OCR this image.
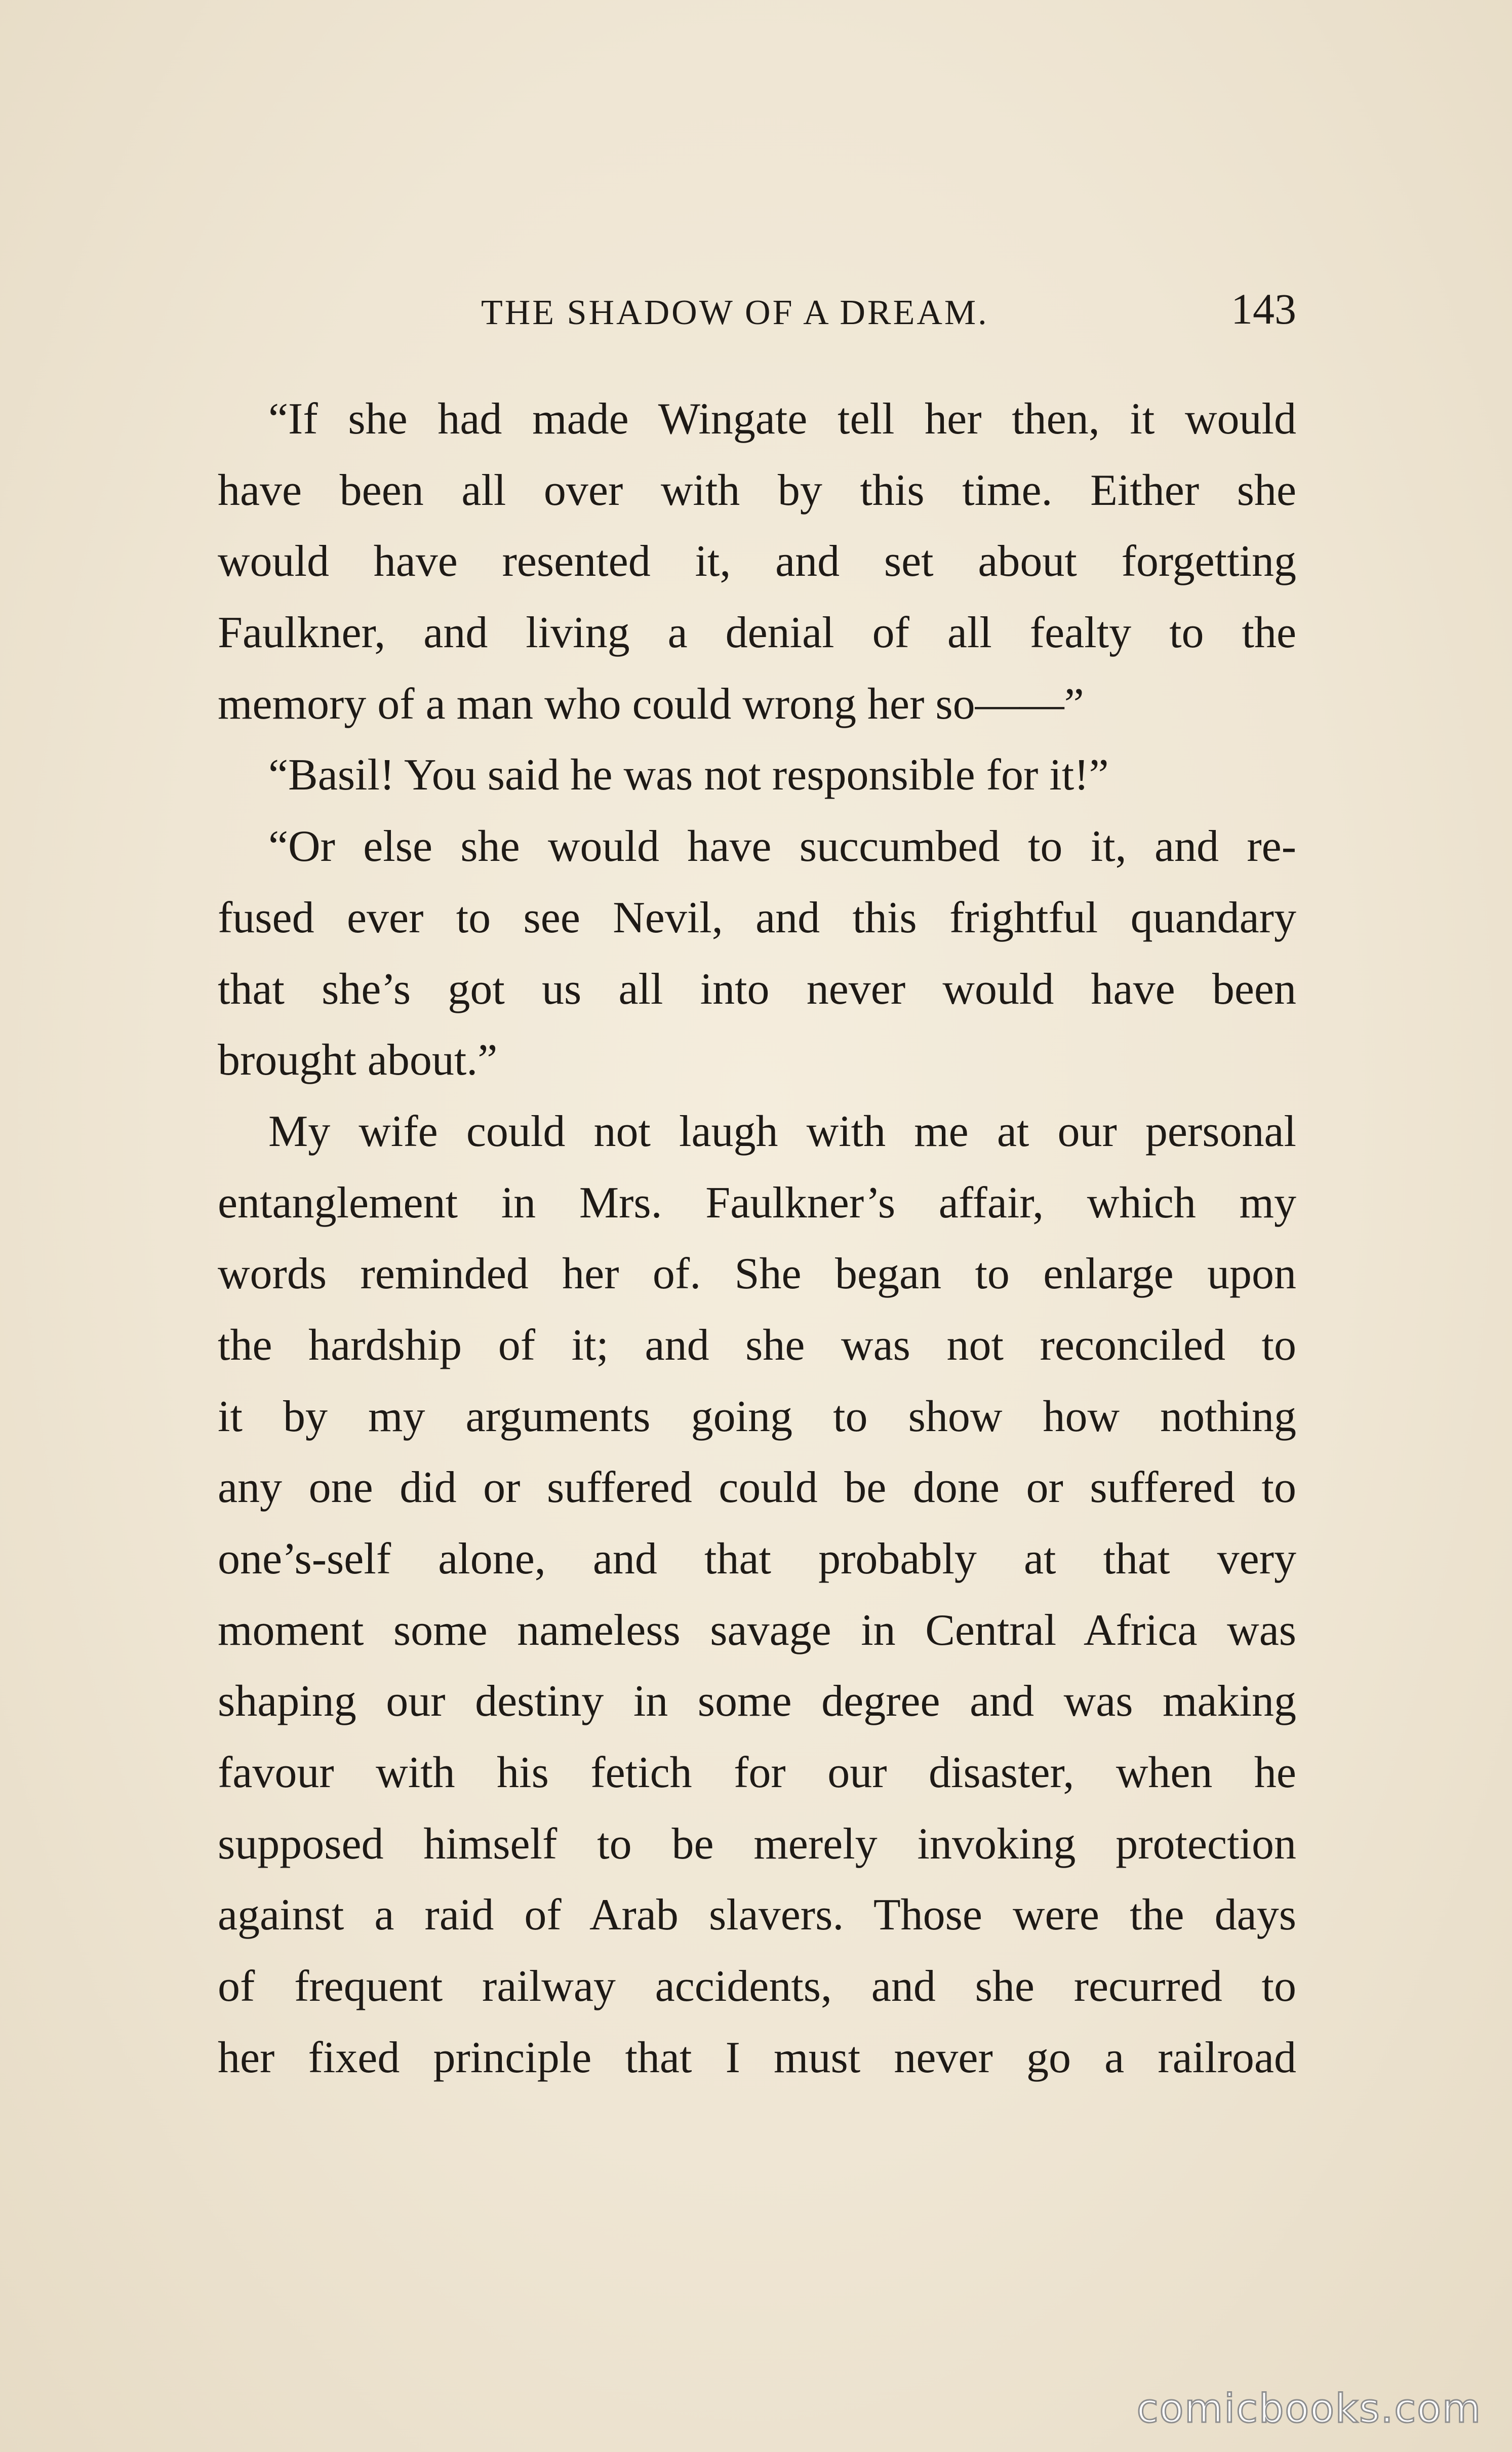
THE SHADOW OF A DREAM.	143
“If she had made Wingate tell her then, it would
have been all over with by this time. Either she
would have resented it, and set about forgetting
Faulkner, and living a denial of all fealty to the
memory of a man who could wrong her so——”
“Basil! You said he was not responsible for it!”
“Or else she would have succumbed to it, and re-
fused ever to see Nevil, and this frightful quandary
that she’s got us all into never would have been
brought about.”
My wife could not laugh with me at our personal
entanglement in Mrs. Faulkner’s affair, which my
words reminded her of. She began to enlarge upon
the hardship of it; and she was not reconciled to
it by my arguments going to show how nothing
any one did or suffered could be done or suffered to
one’s-self alone, and that probably at that very
moment some nameless savage in Central Africa was
shaping our destiny in some degree and was making
favour with his fetich for our disaster, when he
supposed himself to be merely invoking protection
against a raid of Arab slavers. Those were the days
of frequent railway accidents, and she recurred to
her fixed principle that I must never go a railroad
comicbooks.com
